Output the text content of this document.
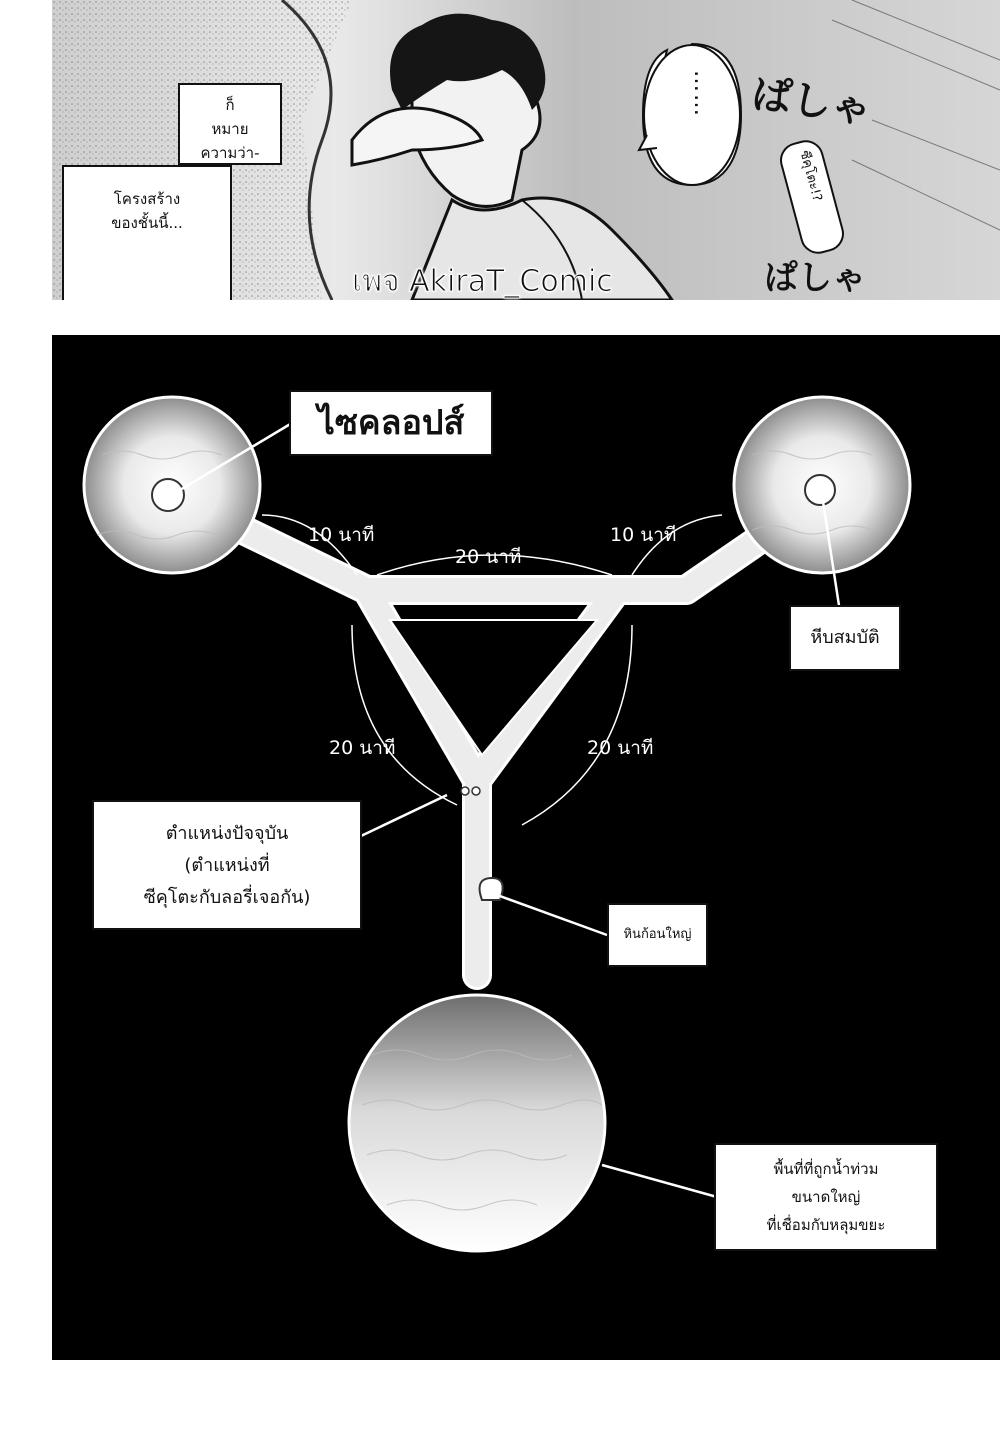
ก็
หมาย
ความว่า-
โครงสร้าง
ของชั้นนี้...
…… ぱしゃ
ぱしゃ
ซีคุโตะ!?
เพจ AkiraT_Comic
10 นาที
20 นาที
10 นาที
20 นาที	20 นาที
ไซคลอปส์
หีบสมบัติ
ตำแหน่งปัจจุบัน
(ตำแหน่งที่
ซีคุโตะกับลอรี่เจอกัน)
หินก้อนใหญ่
พื้นที่ที่ถูกน้ำท่วม
ขนาดใหญ่
ที่เชื่อมกับหลุมขยะ
